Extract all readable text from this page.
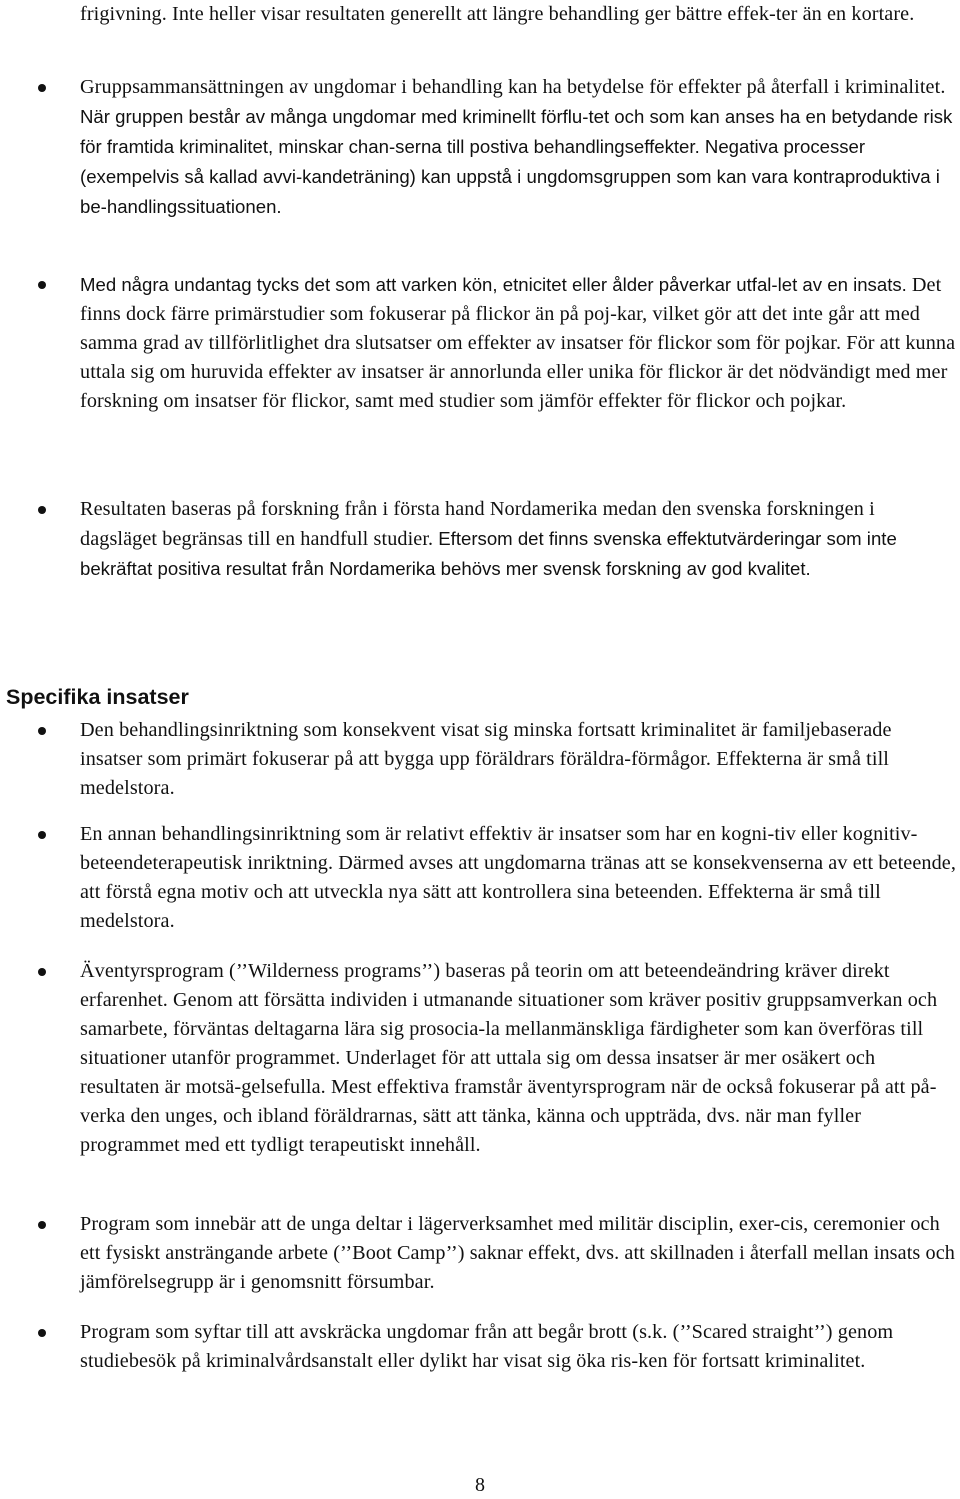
frigivning. Inte heller visar resultaten generellt att längre behandling ger bättre effek-ter än en kortare.

Gruppsammansättningen av ungdomar i behandling kan ha betydelse för effekter på återfall i kriminalitet. När gruppen består av många ungdomar med kriminellt förflu-tet och som kan anses ha en betydande risk för framtida kriminalitet, minskar chan-serna till postiva behandlingseffekter. Negativa processer (exempelvis så kallad avvi-kandeträning) kan uppstå i ungdomsgruppen som kan vara kontraproduktiva i be-handlingssituationen.

Med några undantag tycks det som att varken kön, etnicitet eller ålder påverkar utfal-let av en insats. Det finns dock färre primärstudier som fokuserar på flickor än på poj-kar, vilket gör att det inte går att med samma grad av tillförlitlighet dra slutsatser om effekter av insatser för flickor som för pojkar. För att kunna uttala sig om huruvida effekter av insatser är annorlunda eller unika för flickor är det nödvändigt med mer forskning om insatser för flickor, samt med studier som jämför effekter för flickor och pojkar.

Resultaten baseras på forskning från i första hand Nordamerika medan den svenska forskningen i dagsläget begränsas till en handfull studier. Eftersom det finns svenska effektutvärderingar som inte bekräftat positiva resultat från Nordamerika behövs mer svensk forskning av god kvalitet.

Specifika insatser

Den behandlingsinriktning som konsekvent visat sig minska fortsatt kriminalitet är familjebaserade insatser som primärt fokuserar på att bygga upp föräldrars föräldra-förmågor. Effekterna är små till medelstora.

En annan behandlingsinriktning som är relativt effektiv är insatser som har en kogni-tiv eller kognitiv-beteendeterapeutisk inriktning. Därmed avses att ungdomarna tränas att se konsekvenserna av ett beteende, att förstå egna motiv och att utveckla nya sätt att kontrollera sina beteenden. Effekterna är små till medelstora.

Äventyrsprogram (’’Wilderness programs’’) baseras på teorin om att beteendeändring kräver direkt erfarenhet. Genom att försätta individen i utmanande situationer som kräver positiv gruppsamverkan och samarbete, förväntas deltagarna lära sig prosocia-la mellanmänskliga färdigheter som kan överföras till situationer utanför programmet. Underlaget för att uttala sig om dessa insatser är mer osäkert och resultaten är motsä-gelsefulla. Mest effektiva framstår äventyrsprogram när de också fokuserar på att på-verka den unges, och ibland föräldrarnas, sätt att tänka, känna och uppträda, dvs. när man fyller programmet med ett tydligt terapeutiskt innehåll.

Program som innebär att de unga deltar i lägerverksamhet med militär disciplin, exer-cis, ceremonier och ett fysiskt ansträngande arbete (’’Boot Camp’’) saknar effekt, dvs. att skillnaden i återfall mellan insats och jämförelsegrupp är i genomsnitt försumbar.

Program som syftar till att avskräcka ungdomar från att begår brott (s.k. (’’Scared straight’’) genom studiebesök på kriminalvårdsanstalt eller dylikt har visat sig öka ris-ken för fortsatt kriminalitet.

8
